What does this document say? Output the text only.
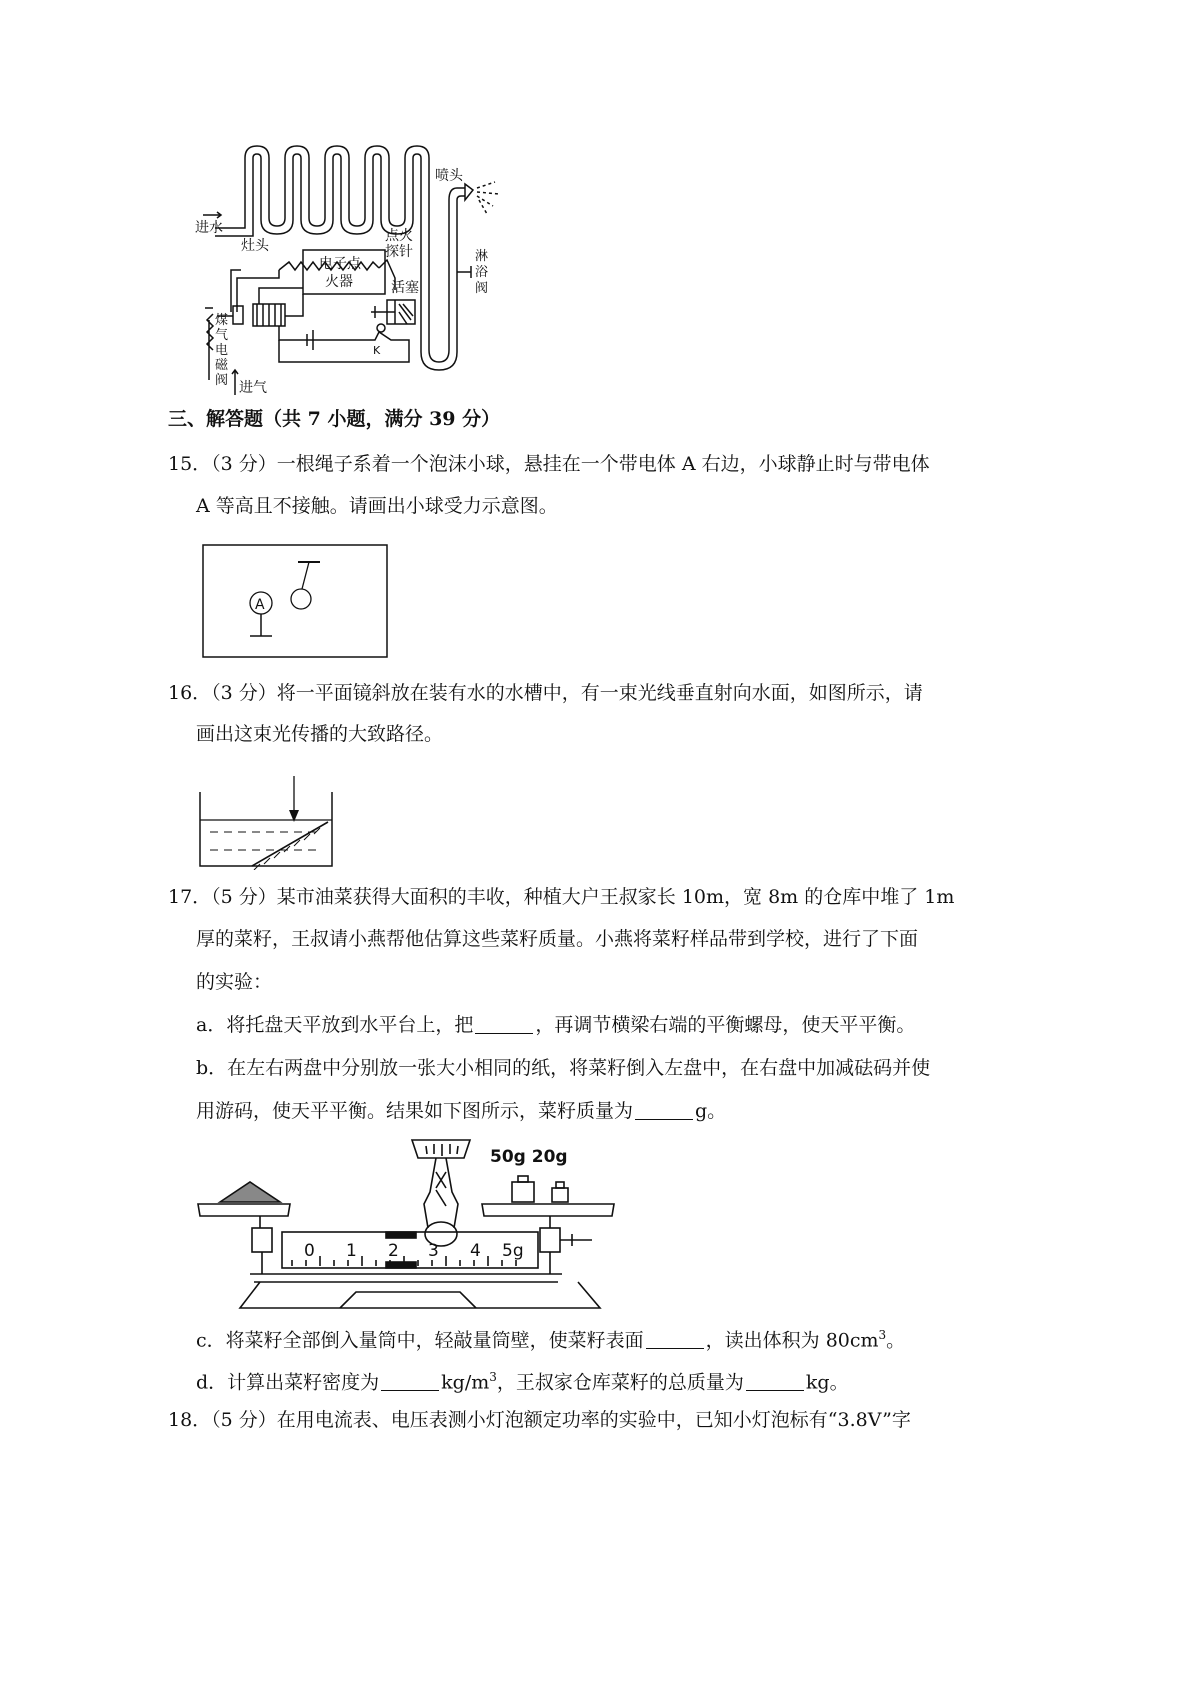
喷头
进水
灶头
点火
探针
电子点
火器	活塞
淋
浴
阀
煤
气
电
磁
阀 进气
K
三、解答题（共 7 小题，满分 39 分）
15．（3 分）一根绳子系着一个泡沫小球，悬挂在一个带电体 A 右边，小球静止时与带电体
A 等高且不接触。请画出小球受力示意图。
A
16．（3 分）将一平面镜斜放在装有水的水槽中，有一束光线垂直射向水面，如图所示，请
画出这束光传播的大致路径。
17．（5 分）某市油菜获得大面积的丰收，种植大户王叔家长 10m，宽 8m 的仓库中堆了 1m
厚的菜籽，王叔请小燕帮他估算这些菜籽质量。小燕将菜籽样品带到学校，进行了下面
的实验：
a．将托盘天平放到水平台上，把	，再调节横梁右端的平衡螺母，使天平平衡。
b．在左右两盘中分别放一张大小相同的纸，将菜籽倒入左盘中，在右盘中加减砝码并使
用游码，使天平平衡。结果如下图所示，菜籽质量为	g。
50g 20g
0 1 2 3 4 5g
c．将菜籽全部倒入量筒中，轻敲量筒壁，使菜籽表面	，读出体积为 $80cm^3$。
d．计算出菜籽密度为	$kg/m^3$，王叔家仓库菜籽的总质量为	kg。
18．（5 分）在用电流表、电压表测小灯泡额定功率的实验中，已知小灯泡标有“3.8V”字
